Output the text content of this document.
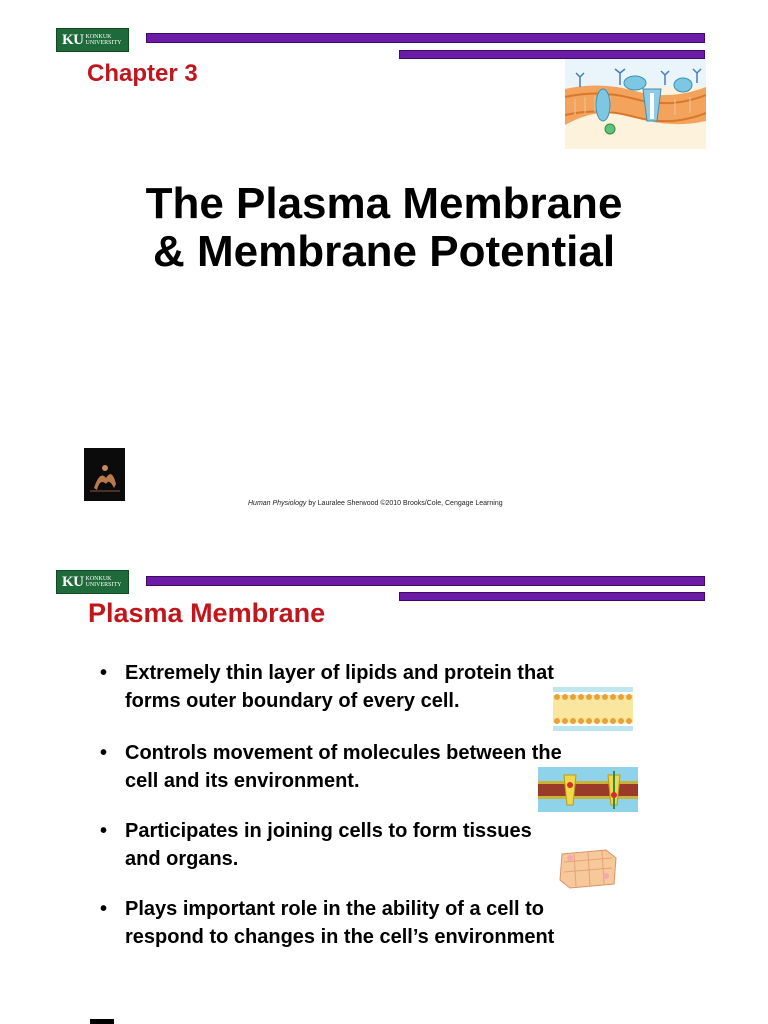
KU KONKUK
UNIVERSITY
Chapter 3
The Plasma Membrane
& Membrane Potential
Human Physiology by Lauralee Sherwood ©2010 Brooks/Cole, Cengage Learning
KU KONKUK
UNIVERSITY
Plasma Membrane
• Extremely thin layer of lipids and protein that
forms outer boundary of every cell.
• Controls movement of molecules between the
cell and its environment.
• Participates in joining cells to form tissues
and organs.
• Plays important role in the ability of a cell to
respond to changes in the cell’s environment
